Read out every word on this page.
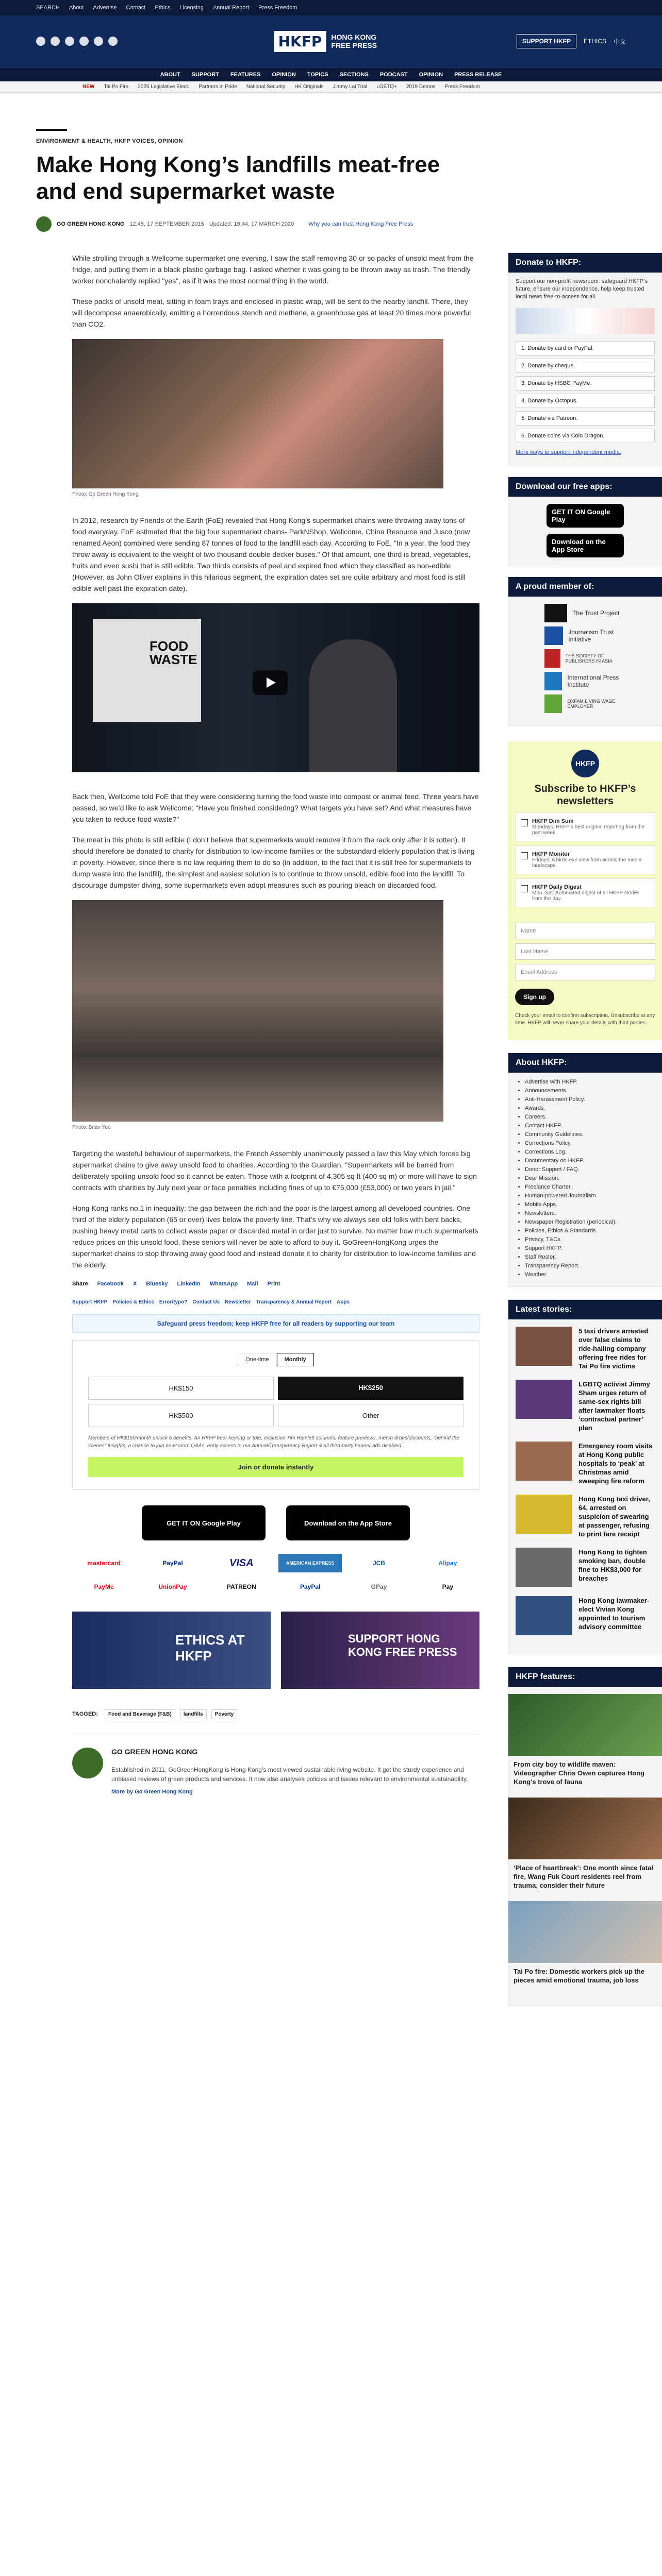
SEARCH About Advertise Contact Ethics Licensing Annual Report Press Freedom
HKFP	HONG KONG FREE PRESS	SUPPORT HKFP	ETHICS 中文
ABOUT SUPPORT FEATURES OPINION TOPICS SECTIONS PODCAST OPINION PRESS RELEASE
NEW Tai Po Fire 2025 Legislative Elect. Partners in Pride National Security HK Originals Jimmy Lai Trial LGBTQ+ 2019 Demos Press Freedom
ENVIRONMENT & HEALTH, HKFP VOICES, OPINION
Make Hong Kong’s landfills meat-free and end supermarket waste
GO GREEN HONG KONG 12:45, 17 SEPTEMBER 2015 Updated: 19:44, 17 MARCH 2020	Why you can trust Hong Kong Free Press

While strolling through a Wellcome supermarket one evening, I saw the staff removing 30 or so packs of unsold meat from the fridge, and putting them in a black plastic garbage bag. I asked whether it was going to be thrown away as trash. The friendly worker nonchalantly replied "yes", as if it was the most normal thing in the world.

These packs of unsold meat, sitting in foam trays and enclosed in plastic wrap, will be sent to the nearby landfill. There, they will decompose anaerobically, emitting a horrendous stench and methane, a greenhouse gas at least 20 times more powerful than CO2.

Photo: Go Green Hong Kong.

In 2012, research by Friends of the Earth (FoE) revealed that Hong Kong’s supermarket chains were throwing away tons of food everyday. FoE estimated that the big four supermarket chains- ParkNShop, Wellcome, China Resource and Jusco (now renamed Aeon) combined were sending 87 tonnes of food to the landfill each day. According to FoE, "In a year, the food they throw away is equivalent to the weight of two thousand double decker buses." Of that amount, one third is bread, vegetables, fruits and even sushi that is still edible. Two thirds consists of peel and expired food which they classified as non-edible (However, as John Oliver explains in this hilarious segment, the expiration dates set are quite arbitrary and most food is still edible well past the expiration date).

FOOD WASTE

Back then, Wellcome told FoE that they were considering turning the food waste into compost or animal feed. Three years have passed, so we’d like to ask Wellcome: "Have you finished considering? What targets you have set? And what measures have you taken to reduce food waste?"

The meat in this photo is still edible (I don’t believe that supermarkets would remove it from the rack only after it is rotten). It should therefore be donated to charity for distribution to low-income families or the substandard elderly population that is living in poverty. However, since there is no law requiring them to do so (in addition, to the fact that it is still free for supermarkets to dump waste into the landfill), the simplest and easiest solution is to continue to throw unsold, edible food into the landfill. To discourage dumpster diving, some supermarkets even adopt measures such as pouring bleach on discarded food.

Photo: Brian Yeo.

Targeting the wasteful behaviour of supermarkets, the French Assembly unanimously passed a law this May which forces big supermarket chains to give away unsold food to charities. According to the Guardian, "Supermarkets will be barred from deliberately spoiling unsold food so it cannot be eaten. Those with a footprint of 4,305 sq ft (400 sq m) or more will have to sign contracts with charities by July next year or face penalties including fines of up to €75,000 (£53,000) or two years in jail."

Hong Kong ranks no.1 in inequality: the gap between the rich and the poor is the largest among all developed countries. One third of the elderly population (65 or over) lives below the poverty line. That’s why we always see old folks with bent backs, pushing heavy metal carts to collect waste paper or discarded metal in order just to survive. No matter how much supermarkets reduce prices on this unsold food, these seniors will never be able to afford to buy it. GoGreenHongKong urges the supermarket chains to stop throwing away good food and instead donate it to charity for distribution to low-income families and the elderly.

Share Facebook X Bluesky LinkedIn WhatsApp Mail Print
Support HKFP Policies & Ethics Error/typo? Contact Us Newsletter Transparency & Annual Report Apps
Safeguard press freedom; keep HKFP free for all readers by supporting our team
One-time	Monthly
HK$150	HK$250
HK$500	Other
Members of HK$150/month unlock 6 benefits: An HKFP beer keyring or tote, exclusive Tim Hamlett columns, feature previews, merch drops/discounts, "behind the scenes" insights, a chance to join newsroom Q&As, early access to our Annual/Transparency Report & all third-party banner ads disabled.
Join or donate instantly
GET IT ON Google Play	Download on the App Store
mastercard	PayPal	VISA	AMERICAN EXPRESS	JCB	Alipay
PayMe	UnionPay	PATREON	PayPal	GPay	Pay
ETHICS AT HKFP
SUPPORT HONG KONG FREE PRESS
TAGGED: Food and Beverage (F&B) landfills Poverty
GO GREEN HONG KONG
Established in 2011, GoGreenHongKong is Hong Kong’s most viewed sustainable living website. It got the sturdy experience and unbiased reviews of green products and services. It now also analyses policies and issues relevant to environmental sustainability.
More by Go Green Hong Kong
Donate to HKFP:
Support our non-profit newsroom: safeguard HKFP’s future, ensure our independence, help keep trusted local news free-to-access for all.
1. Donate by card or PayPal.
2. Donate by cheque.
3. Donate by HSBC PayMe.
4. Donate by Octopus.
5. Donate via Patreon.
6. Donate coins via Coin Dragon.
More ways to support independent media.
Download our free apps:
GET IT ON Google Play
Download on the App Store
A proud member of:
The Trust Project
Journalism Trust Initiative
THE SOCIETY OF PUBLISHERS IN ASIA
International Press Institute
OXFAM LIVING WAGE EMPLOYER
HKFP
Subscribe to HKFP’s newsletters
HKFP Dim Sum
Mondays: HKFP’s best original reporting from the past week.
HKFP Monitor
Fridays: A birds-eye view from across the media landscape.
HKFP Daily Digest
Mon–Sat: Automated digest of all HKFP stories from the day.
Name
Last Name
Email Address
Sign up
Check your email to confirm subscription. Unsubscribe at any time. HKFP will never share your details with third parties.
About HKFP:
• Advertise with HKFP.
• Announcements.
• Anti-Harassment Policy.
• Awards.
• Careers.
• Contact HKFP.
• Community Guidelines.
• Corrections Policy.
• Corrections Log.
• Documentary on HKFP.
• Donor Support / FAQ.
• Dear Mission.
• Freelance Charter.
• Human-powered Journalism.
• Mobile Apps.
• Newsletters.
• Newspaper Registration (periodical).
• Policies, Ethics & Standards.
• Privacy, T&Cs.
• Support HKFP.
• Staff Roster.
• Transparency Report.
• Weather.
Latest stories:
5 taxi drivers arrested over false claims to ride-hailing company offering free rides for Tai Po fire victims
LGBTQ activist Jimmy Sham urges return of same-sex rights bill after lawmaker floats ‘contractual partner’ plan
Emergency room visits at Hong Kong public hospitals to ‘peak’ at Christmas amid sweeping fire reform
Hong Kong taxi driver, 64, arrested on suspicion of swearing at passenger, refusing to print fare receipt
Hong Kong to tighten smoking ban, double fine to HK$3,000 for breaches
Hong Kong lawmaker-elect Vivian Kong appointed to tourism advisory committee
HKFP features:
From city boy to wildlife maven: Videographer Chris Owen captures Hong Kong’s trove of fauna
‘Place of heartbreak’: One month since fatal fire, Wang Fuk Court residents reel from trauma, consider their future
Tai Po fire: Domestic workers pick up the pieces amid emotional trauma, job loss
